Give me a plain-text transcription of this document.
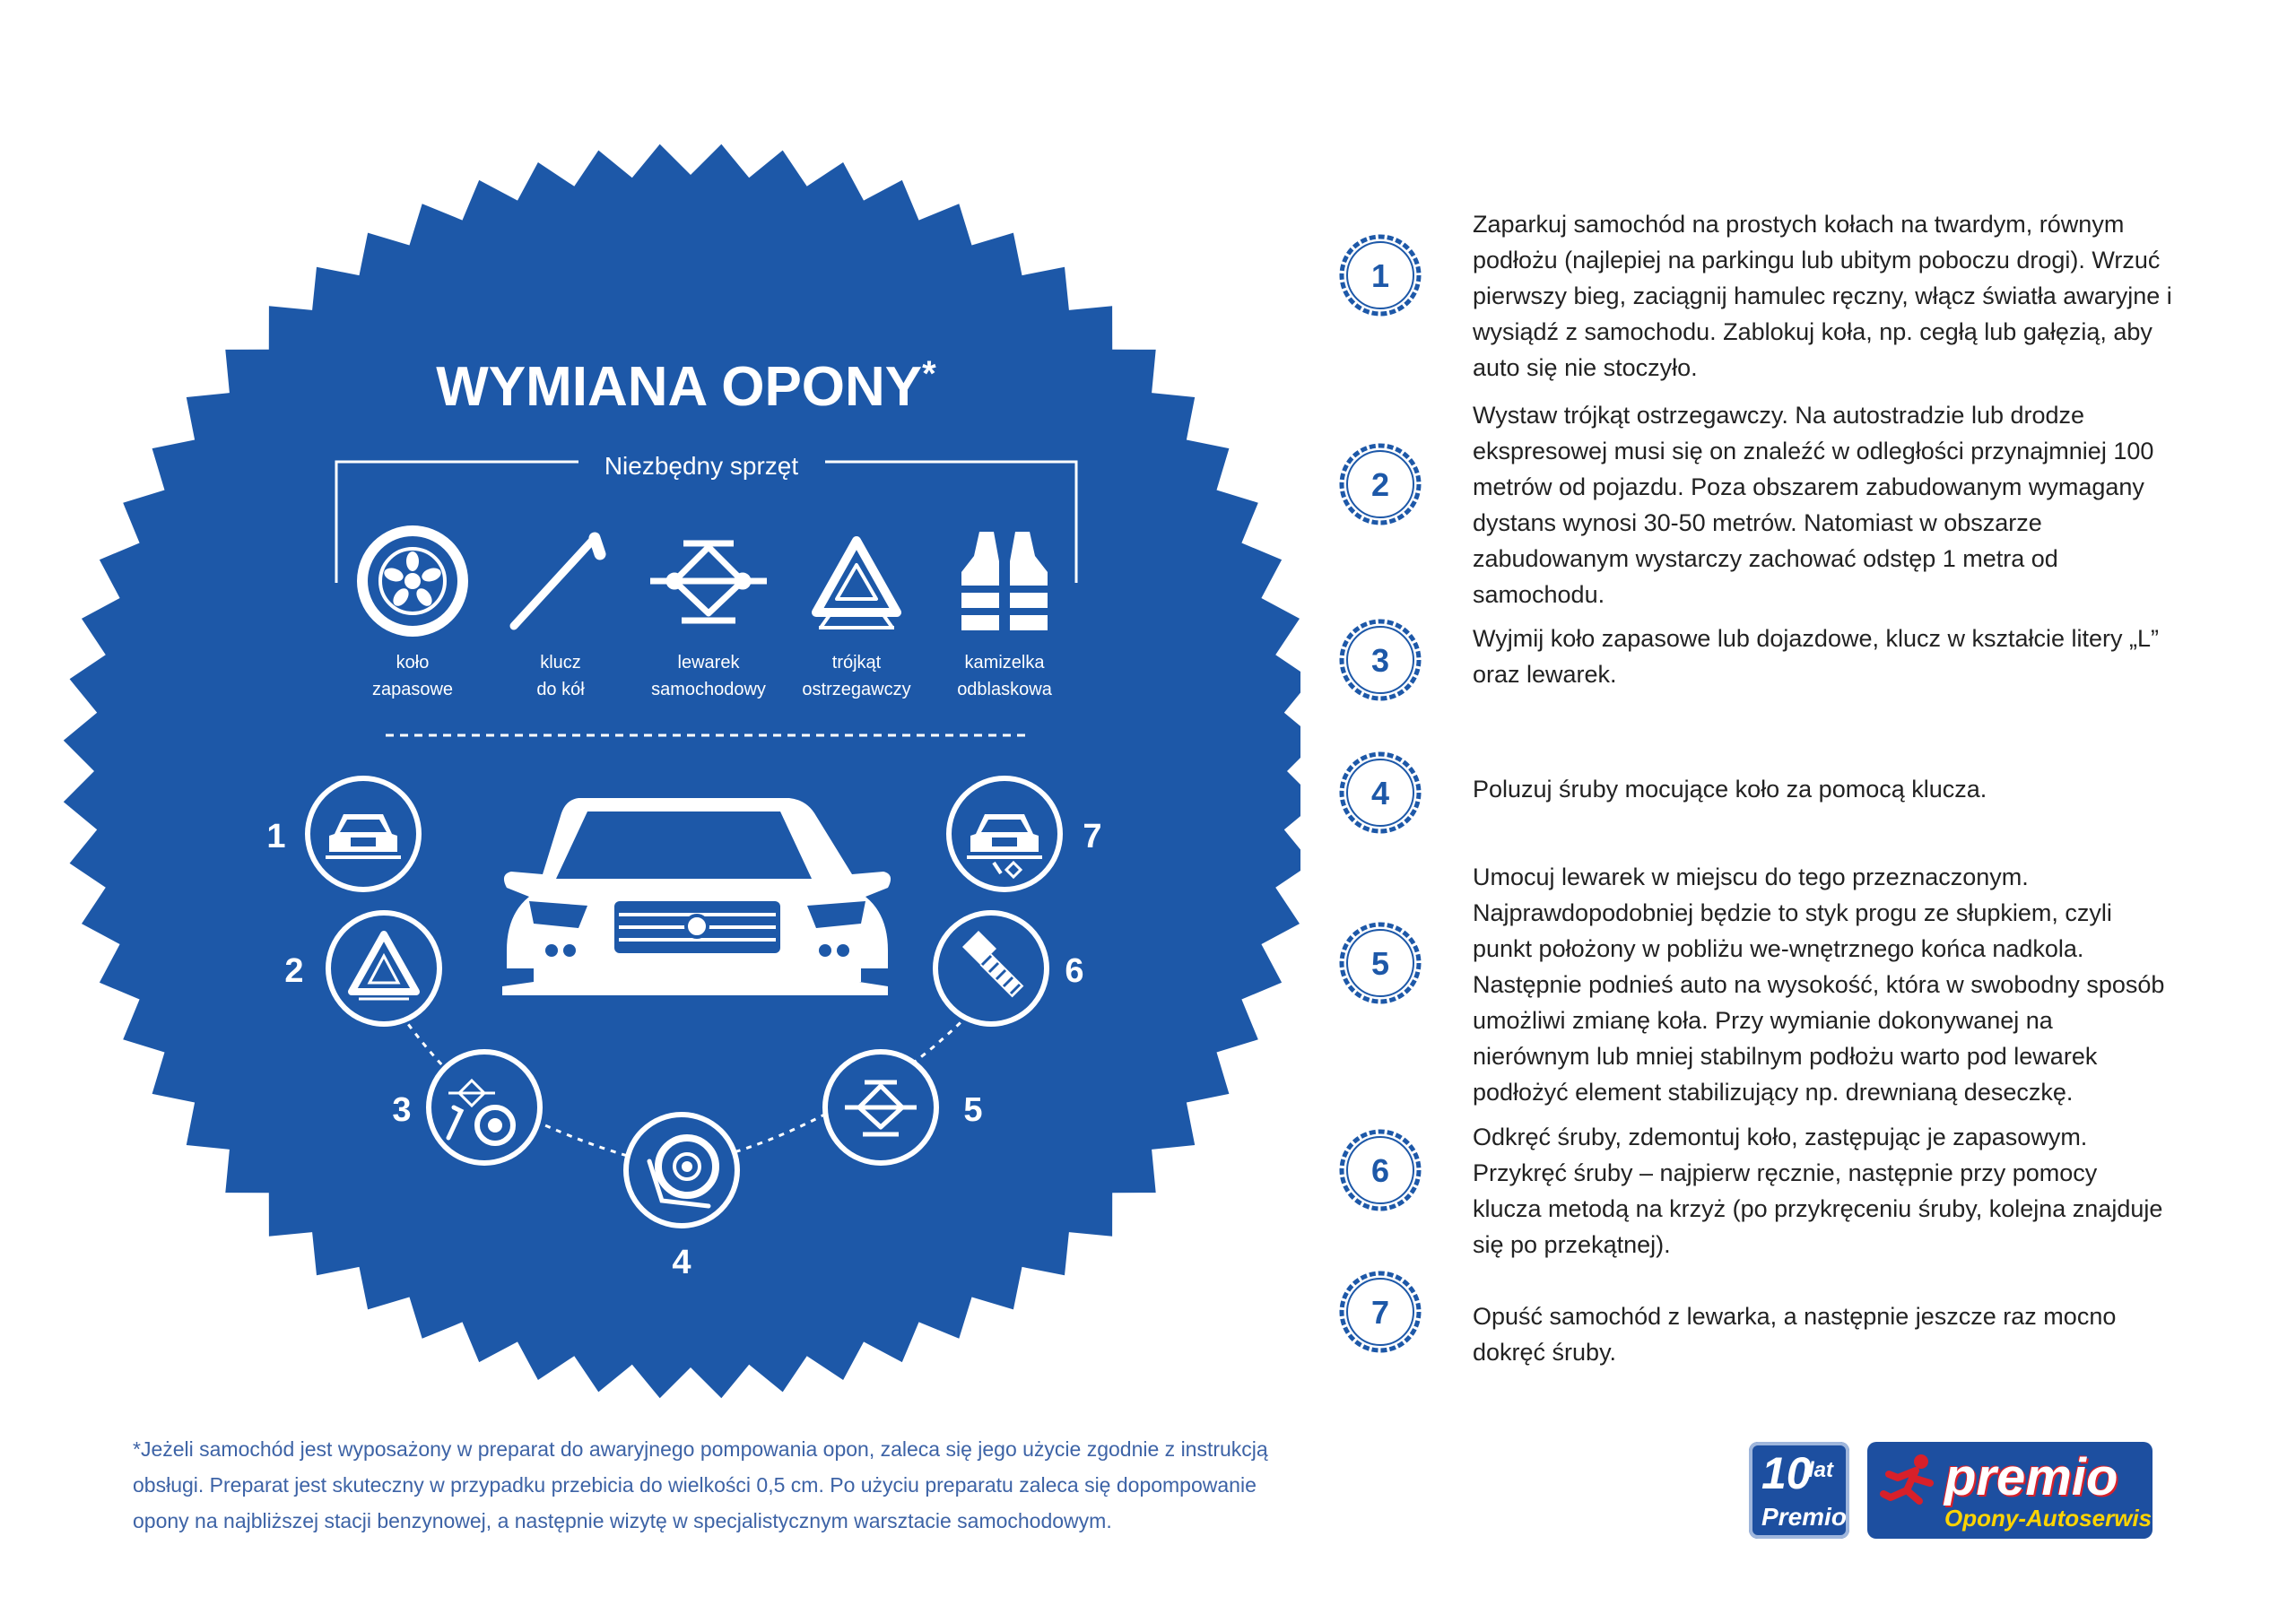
WYMIANA OPONY*
Niezbędny sprzęt
koło
zapasowe
klucz
do kół
lewarek
samochodowy
trójkąt
ostrzegawczy
kamizelka
odblaskowa
1
2
3
4
5
6
7
1
Zaparkuj samochód na prostych kołach na twardym, równym podłożu (najlepiej na parkingu lub ubitym poboczu drogi). Wrzuć pierwszy bieg, zaciągnij hamulec ręczny, włącz światła awaryjne i wysiądź z samochodu. Zablokuj koła, np. cegłą lub gałęzią, aby auto się nie stoczyło.
2
Wystaw trójkąt ostrzegawczy. Na autostradzie lub drodze ekspresowej musi się on znaleźć w odległości przynajmniej 100 metrów od pojazdu. Poza obszarem zabudowanym wymagany dystans wynosi 30-50 metrów. Natomiast w obszarze zabudowanym wystarczy zachować odstęp 1 metra od samochodu.
3
Wyjmij koło zapasowe lub dojazdowe, klucz w kształcie litery „L” oraz lewarek.
4	Poluzuj śruby mocujące koło za pomocą klucza.
5
Umocuj lewarek w miejscu do tego przeznaczonym. Najprawdopodobniej będzie to styk progu ze słupkiem, czyli punkt położony w pobliżu we-wnętrznego końca nadkola. Następnie podnieś auto na wysokość, która w swobodny sposób umożliwi zmianę koła. Przy wymianie dokonywanej na nierównym lub mniej stabilnym podłożu warto pod lewarek podłożyć element stabilizujący np. drewnianą deseczkę.
6
Odkręć śruby, zdemontuj koło, zastępując je zapasowym. Przykręć śruby – najpierw ręcznie, następnie przy pomocy klucza metodą na krzyż (po przykręceniu śruby, kolejna znajduje się po przekątnej).
7	Opuść samochód z lewarka, a następnie jeszcze raz mocno dokręć śruby.
*Jeżeli samochód jest wyposażony w preparat do awaryjnego pompowania opon, zaleca się jego użycie zgodnie z instrukcją obsługi. Preparat jest skuteczny w przypadku przebicia do wielkości 0,5 cm. Po użyciu preparatu zaleca się dopompowanie opony na najbliższej stacji benzynowej, a następnie wizytę w specjalistycznym warsztacie samochodowym.
10
lat
Premio
premio
Opony-Autoserwis
